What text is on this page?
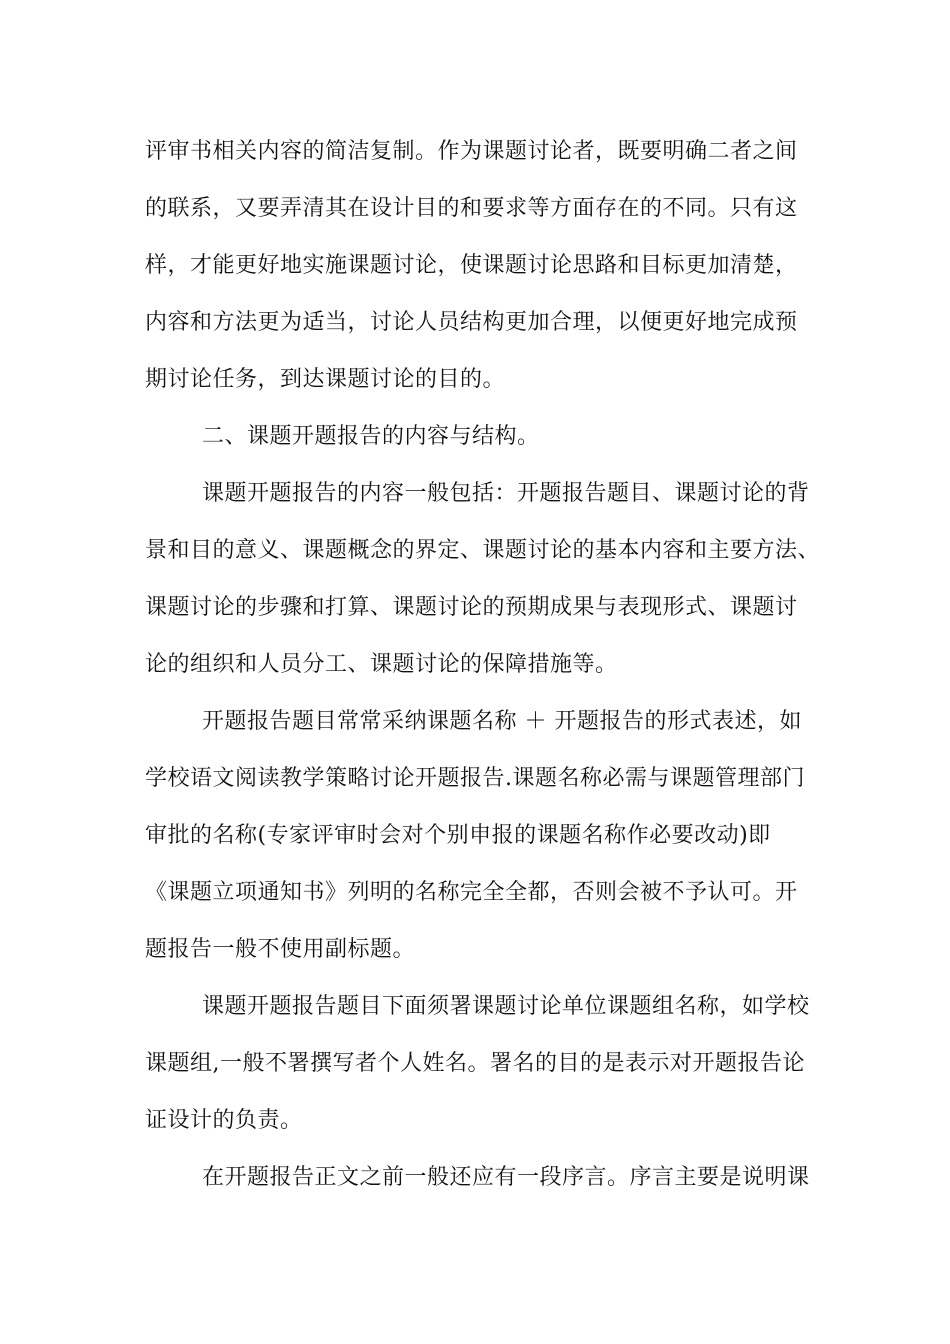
评审书相关内容的简洁复制。作为课题讨论者，既要明确二者之间
的联系，又要弄清其在设计目的和要求等方面存在的不同。只有这
样，才能更好地实施课题讨论，使课题讨论思路和目标更加清楚，
内容和方法更为适当，讨论人员结构更加合理，以便更好地完成预
期讨论任务，到达课题讨论的目的。
二、课题开题报告的内容与结构。
课题开题报告的内容一般包括：开题报告题目、课题讨论的背
景和目的意义、课题概念的界定、课题讨论的基本内容和主要方法、
课题讨论的步骤和打算、课题讨论的预期成果与表现形式、课题讨
论的组织和人员分工、课题讨论的保障措施等。
开题报告题目常常采纳课题名称 ＋ 开题报告的形式表述，如
学校语文阅读教学策略讨论开题报告.课题名称必需与课题管理部门
审批的名称(专家评审时会对个别申报的课题名称作必要改动)即
《课题立项通知书》列明的名称完全全都，否则会被不予认可。开
题报告一般不使用副标题。
课题开题报告题目下面须署课题讨论单位课题组名称，如学校
课题组,一般不署撰写者个人姓名。署名的目的是表示对开题报告论
证设计的负责。
在开题报告正文之前一般还应有一段序言。序言主要是说明课
